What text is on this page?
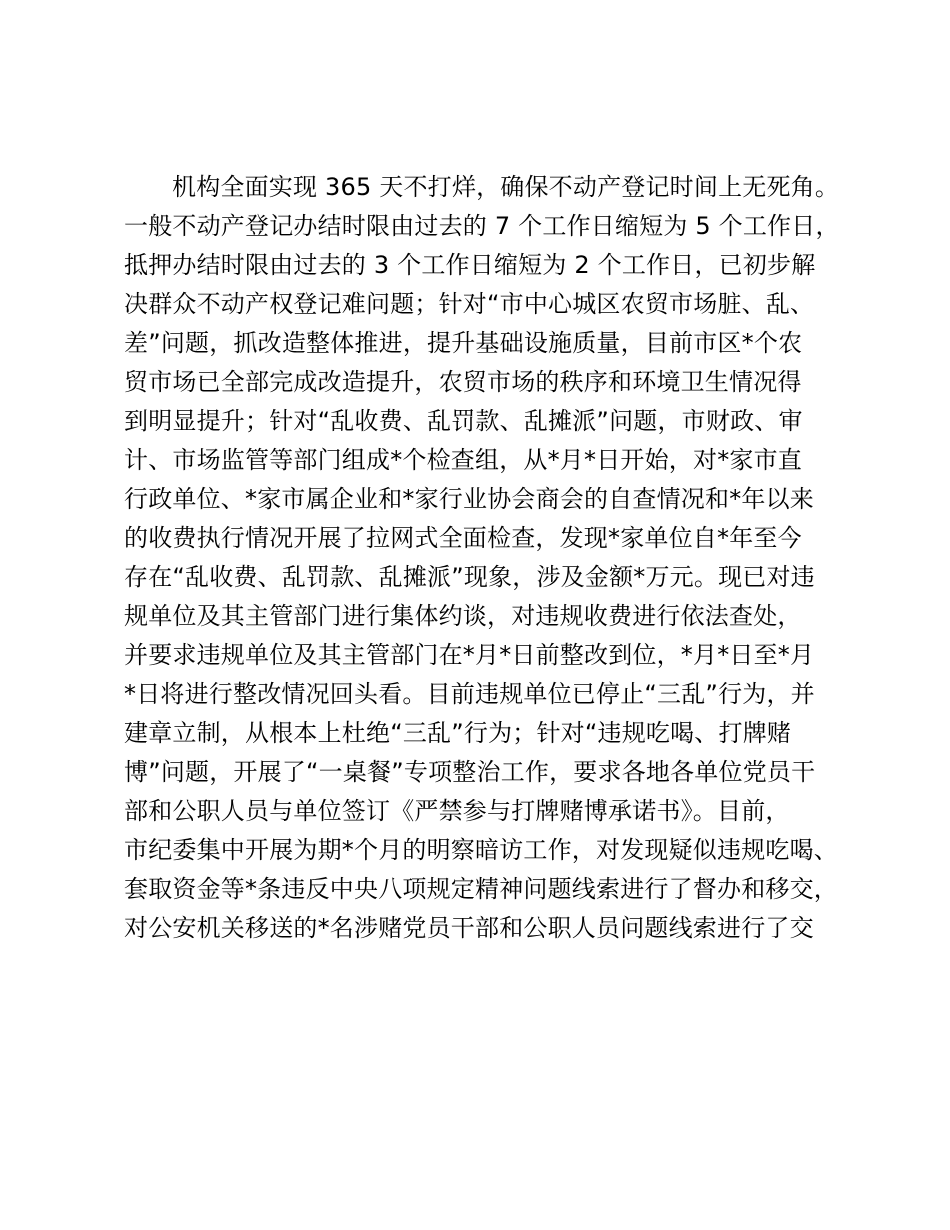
机构全面实现 365 天不打烊，确保不动产登记时间上无死角。
一般不动产登记办结时限由过去的 7 个工作日缩短为 5 个工作日，
抵押办结时限由过去的 3 个工作日缩短为 2 个工作日，已初步解
决群众不动产权登记难问题；针对“市中心城区农贸市场脏、乱、
差”问题，抓改造整体推进，提升基础设施质量，目前市区*个农
贸市场已全部完成改造提升，农贸市场的秩序和环境卫生情况得
到明显提升；针对“乱收费、乱罚款、乱摊派”问题，市财政、审
计、市场监管等部门组成*个检查组，从*月*日开始，对*家市直
行政单位、*家市属企业和*家行业协会商会的自查情况和*年以来
的收费执行情况开展了拉网式全面检查，发现*家单位自*年至今
存在“乱收费、乱罚款、乱摊派”现象，涉及金额*万元。现已对违
规单位及其主管部门进行集体约谈，对违规收费进行依法查处，
并要求违规单位及其主管部门在*月*日前整改到位，*月*日至*月
*日将进行整改情况回头看。目前违规单位已停止“三乱”行为，并
建章立制，从根本上杜绝“三乱”行为；针对“违规吃喝、打牌赌
博”问题，开展了“一桌餐”专项整治工作，要求各地各单位党员干
部和公职人员与单位签订《严禁参与打牌赌博承诺书》。目前，
市纪委集中开展为期*个月的明察暗访工作，对发现疑似违规吃喝、
套取资金等*条违反中央八项规定精神问题线索进行了督办和移交，
对公安机关移送的*名涉赌党员干部和公职人员问题线索进行了交
